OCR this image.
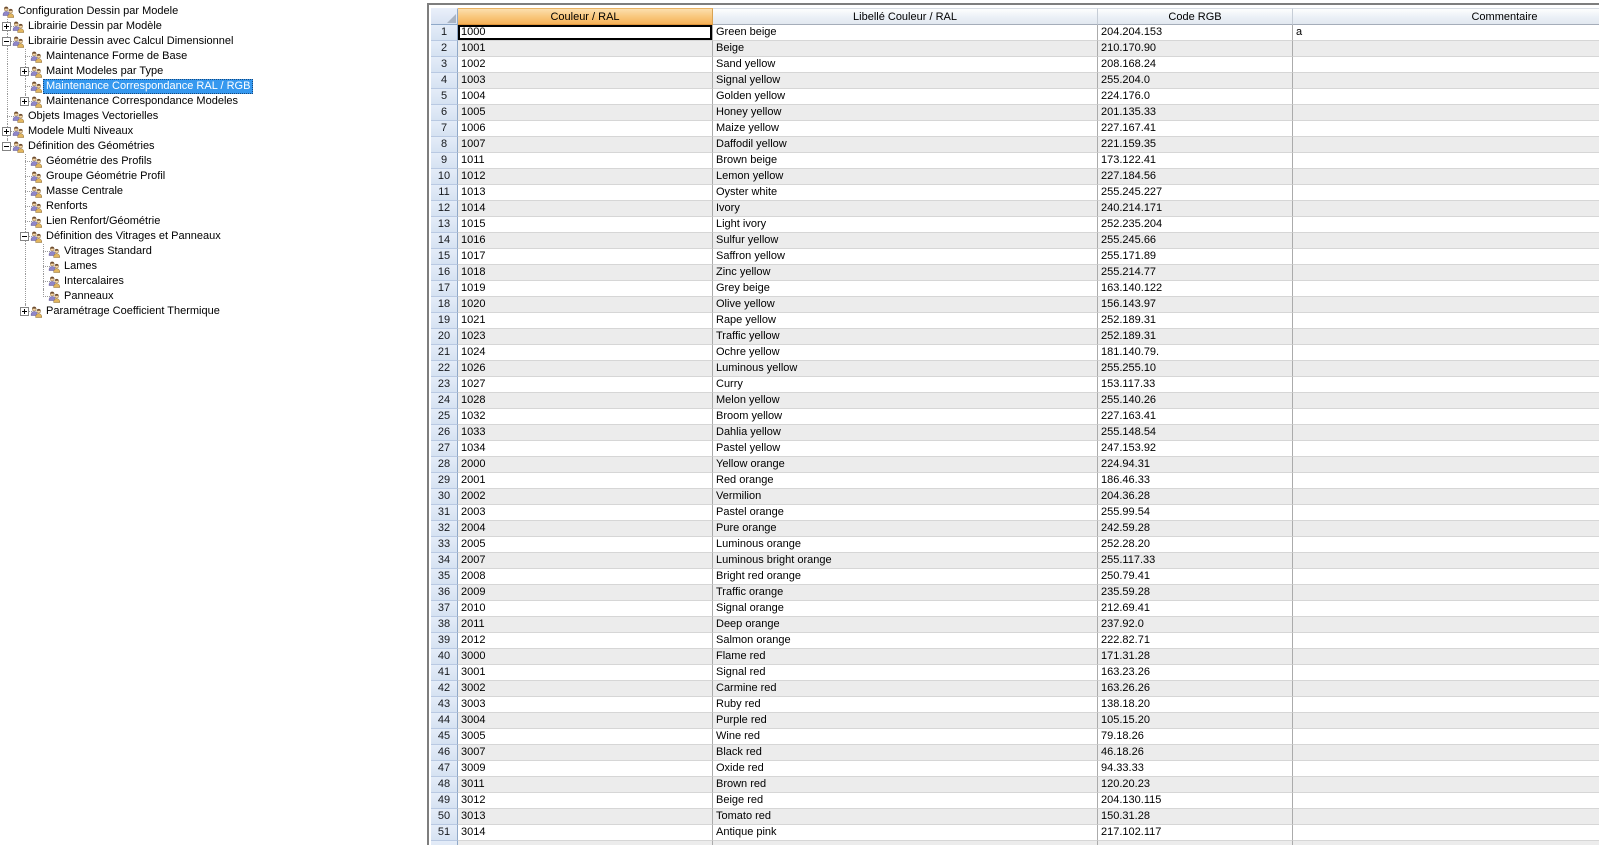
Configuration Dessin par Modele
Librairie Dessin par Modèle
Librairie Dessin avec Calcul Dimensionnel
Maintenance Forme de Base
Maint Modeles par Type
Maintenance Correspondance RAL / RGB
Maintenance Correspondance Modeles
Objets Images Vectorielles
Modele Multi Niveaux
Définition des Géométries
Géométrie des Profils
Groupe Géométrie Profil
Masse Centrale
Renforts
Lien Renfort/Géométrie
Définition des Vitrages et Panneaux
Vitrages Standard
Lames
Intercalaires
Panneaux
Paramétrage Coefficient Thermique
	Couleur / RAL	Libellé Couleur / RAL	Code RGB	Commentaire
1	1000	Green beige	204.204.153	a
2	1001	Beige	210.170.90	
3	1002	Sand yellow	208.168.24	
4	1003	Signal yellow	255.204.0	
5	1004	Golden yellow	224.176.0	
6	1005	Honey yellow	201.135.33	
7	1006	Maize yellow	227.167.41	
8	1007	Daffodil yellow	221.159.35	
9	1011	Brown beige	173.122.41	
10	1012	Lemon yellow	227.184.56	
11	1013	Oyster white	255.245.227	
12	1014	Ivory	240.214.171	
13	1015	Light ivory	252.235.204	
14	1016	Sulfur yellow	255.245.66	
15	1017	Saffron yellow	255.171.89	
16	1018	Zinc yellow	255.214.77	
17	1019	Grey beige	163.140.122	
18	1020	Olive yellow	156.143.97	
19	1021	Rape yellow	252.189.31	
20	1023	Traffic yellow	252.189.31	
21	1024	Ochre yellow	181.140.79.	
22	1026	Luminous yellow	255.255.10	
23	1027	Curry	153.117.33	
24	1028	Melon yellow	255.140.26	
25	1032	Broom yellow	227.163.41	
26	1033	Dahlia yellow	255.148.54	
27	1034	Pastel yellow	247.153.92	
28	2000	Yellow orange	224.94.31	
29	2001	Red orange	186.46.33	
30	2002	Vermilion	204.36.28	
31	2003	Pastel orange	255.99.54	
32	2004	Pure orange	242.59.28	
33	2005	Luminous orange	252.28.20	
34	2007	Luminous bright orange	255.117.33	
35	2008	Bright red orange	250.79.41	
36	2009	Traffic orange	235.59.28	
37	2010	Signal orange	212.69.41	
38	2011	Deep orange	237.92.0	
39	2012	Salmon orange	222.82.71	
40	3000	Flame red	171.31.28	
41	3001	Signal red	163.23.26	
42	3002	Carmine red	163.26.26	
43	3003	Ruby red	138.18.20	
44	3004	Purple red	105.15.20	
45	3005	Wine red	79.18.26	
46	3007	Black red	46.18.26	
47	3009	Oxide red	94.33.33	
48	3011	Brown red	120.20.23	
49	3012	Beige red	204.130.115	
50	3013	Tomato red	150.31.28	
51	3014	Antique pink	217.102.117	
